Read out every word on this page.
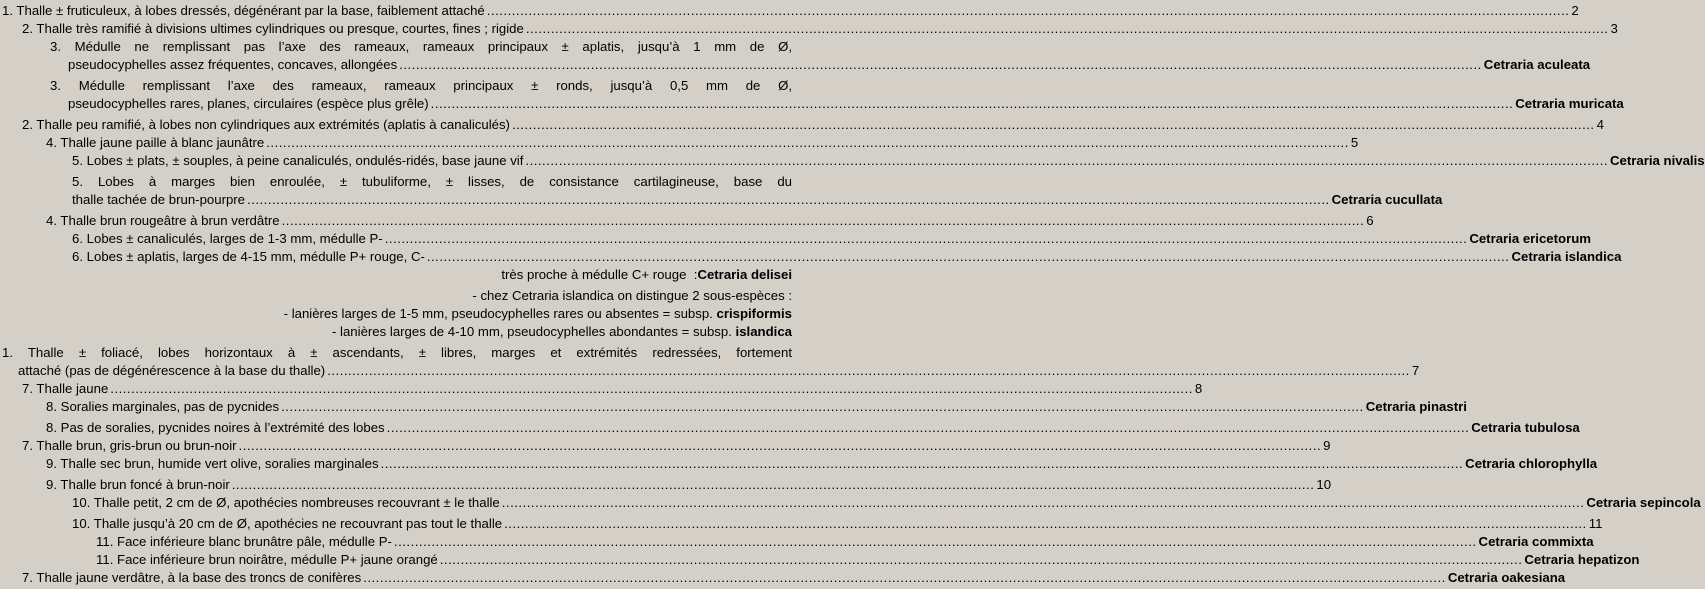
1. Thalle ± fruticuleux, à lobes dressés, dégénérant par la base, faiblement attaché .................................................................................................................................................................................................................................................................... 2
2. Thalle très ramifié à divisions ultimes cylindriques ou presque, courtes, fines ; rigide .................................................................................................................................................................................................................................................................... 3
3. Médulle ne remplissant pas l’axe des rameaux, rameaux principaux ± aplatis, jusqu’à 1 mm de Ø,
pseudocyphelles assez fréquentes, concaves, allongées .................................................................................................................................................................................................................................................................... Cetraria aculeata
3. Médulle remplissant l’axe des rameaux, rameaux principaux ± ronds, jusqu’à 0,5 mm de Ø,
pseudocyphelles rares, planes, circulaires (espèce plus grêle) .................................................................................................................................................................................................................................................................... Cetraria muricata
2. Thalle peu ramifié, à lobes non cylindriques aux extrémités (aplatis à canaliculés) .................................................................................................................................................................................................................................................................... 4
4. Thalle jaune paille à blanc jaunâtre .................................................................................................................................................................................................................................................................... 5
5. Lobes ± plats, ± souples, à peine canaliculés, ondulés-ridés, base jaune vif .................................................................................................................................................................................................................................................................... Cetraria nivalis
5. Lobes à marges bien enroulée, ± tubuliforme, ± lisses, de consistance cartilagineuse, base du
thalle tachée de brun-pourpre .................................................................................................................................................................................................................................................................... Cetraria cucullata
4. Thalle brun rougeâtre à brun verdâtre .................................................................................................................................................................................................................................................................... 6
6. Lobes ± canaliculés, larges de 1-3 mm, médulle P- .................................................................................................................................................................................................................................................................... Cetraria ericetorum
6. Lobes ± aplatis, larges de 4-15 mm, médulle P+ rouge, C- .................................................................................................................................................................................................................................................................... Cetraria islandica
très proche à médulle C+ rouge  :Cetraria delisei
- chez Cetraria islandica on distingue 2 sous-espèces :
- lanières larges de 1-5 mm, pseudocyphelles rares ou absentes = subsp. crispiformis
- lanières larges de 4-10 mm, pseudocyphelles abondantes = subsp. islandica
1. Thalle ± foliacé, lobes horizontaux à ± ascendants, ± libres, marges et extrémités redressées, fortement
attaché (pas de dégénérescence à la base du thalle) .................................................................................................................................................................................................................................................................... 7
7. Thalle jaune .................................................................................................................................................................................................................................................................... 8
8. Soralies marginales, pas de pycnides .................................................................................................................................................................................................................................................................... Cetraria pinastri
8. Pas de soralies, pycnides noires à l’extrémité des lobes .................................................................................................................................................................................................................................................................... Cetraria tubulosa
7. Thalle brun, gris-brun ou brun-noir .................................................................................................................................................................................................................................................................... 9
9. Thalle sec brun, humide vert olive, soralies marginales .................................................................................................................................................................................................................................................................... Cetraria chlorophylla
9. Thalle brun foncé à brun-noir .................................................................................................................................................................................................................................................................... 10
10. Thalle petit, 2 cm de Ø, apothécies nombreuses recouvrant ± le thalle .................................................................................................................................................................................................................................................................... Cetraria sepincola
10. Thalle jusqu’à 20 cm de Ø, apothécies ne recouvrant pas tout le thalle .................................................................................................................................................................................................................................................................... 11
11. Face inférieure blanc brunâtre pâle, médulle P- .................................................................................................................................................................................................................................................................... Cetraria commixta
11. Face inférieure brun noirâtre, médulle P+ jaune orangé .................................................................................................................................................................................................................................................................... Cetraria hepatizon
7. Thalle jaune verdâtre, à la base des troncs de conifères .................................................................................................................................................................................................................................................................... Cetraria oakesiana
